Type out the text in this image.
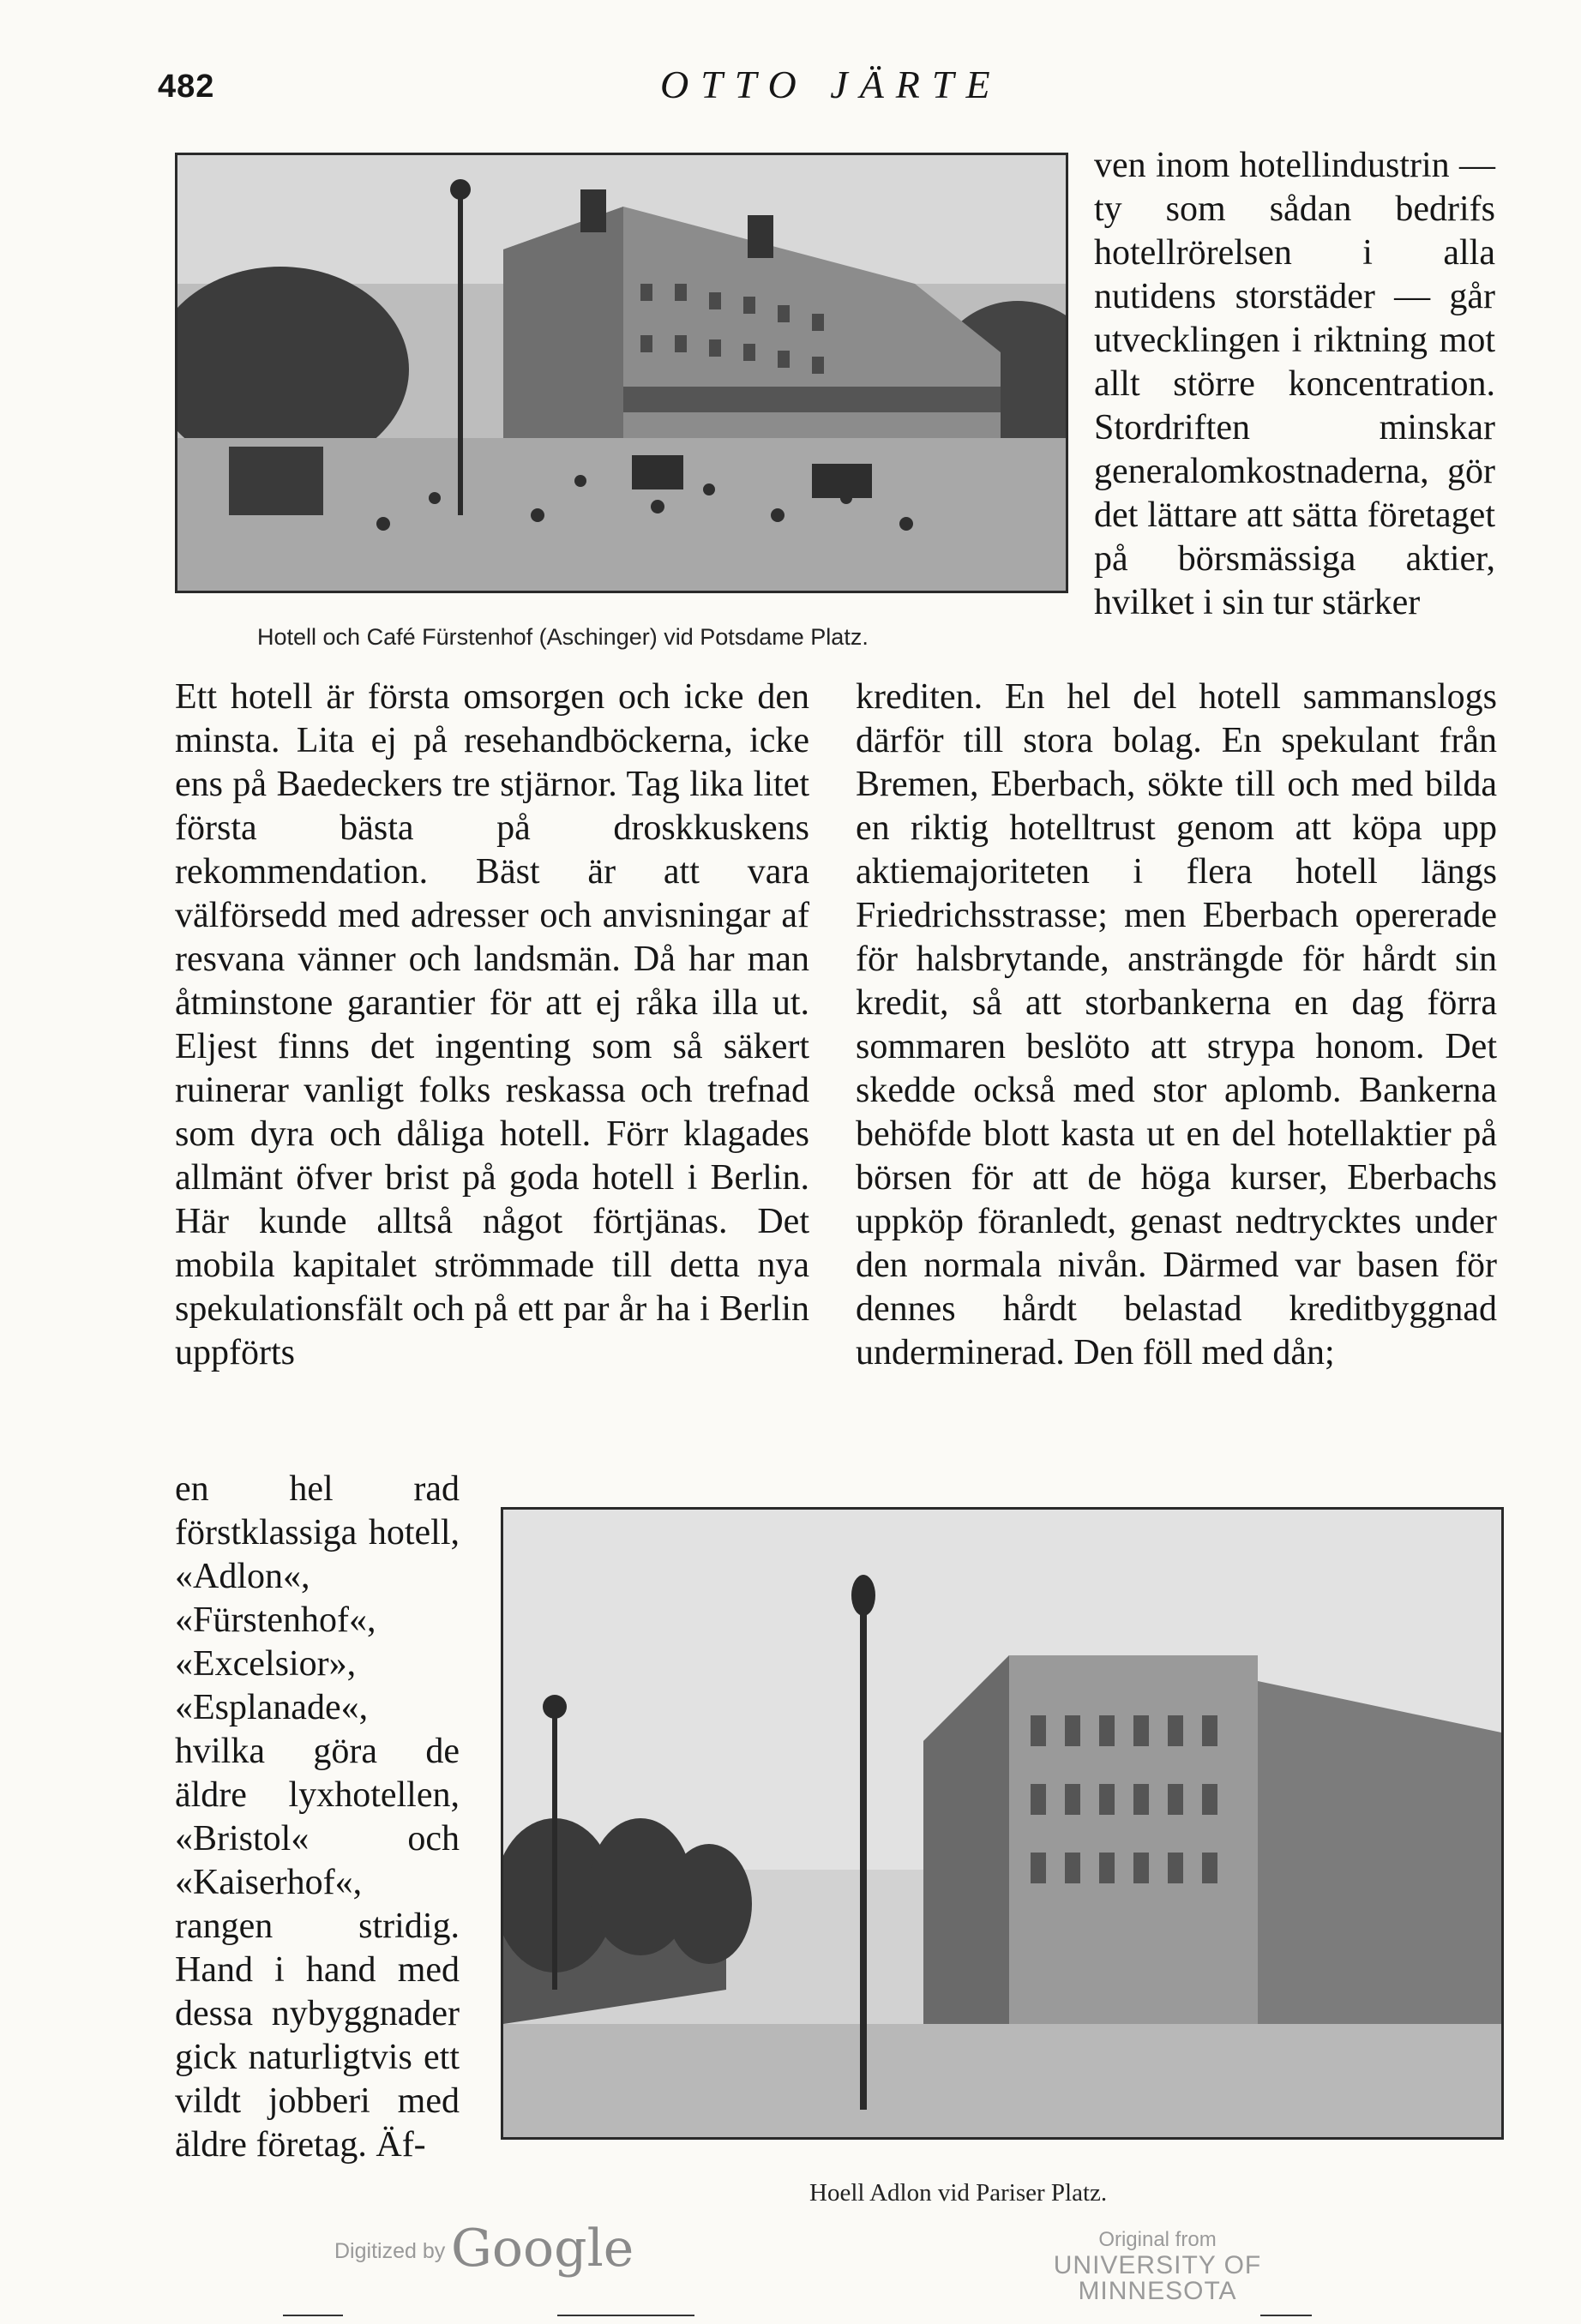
482	OTTO JÄRTE
Hotell och Café Fürstenhof (Aschinger) vid Potsdame Platz.

ven inom hotellindustrin — ty som sådan bedrifs hotellrörelsen i alla nutidens storstäder — går utvecklingen i riktning mot allt större koncentration. Stordriften minskar generalomkostnaderna, gör det lättare att sätta företaget på börsmässiga aktier, hvilket i sin tur stärker

Ett hotell är första omsorgen och icke den minsta. Lita ej på resehandböckerna, icke ens på Baedeckers tre stjärnor. Tag lika litet första bästa på droskkuskens rekommendation. Bäst är att vara välförsedd med adresser och anvisningar af resvana vänner och landsmän. Då har man åtminstone garantier för att ej råka illa ut. Eljest finns det ingenting som så säkert ruinerar vanligt folks reskassa och trefnad som dyra och dåliga hotell. Förr klagades allmänt öfver brist på goda hotell i Berlin. Här kunde alltså något förtjänas. Det mobila kapitalet strömmade till detta nya spekulationsfält och på ett par år ha i Berlin uppförts

krediten. En hel del hotell sammanslogs därför till stora bolag. En spekulant från Bremen, Eberbach, sökte till och med bilda en riktig hotelltrust genom att köpa upp aktiemajoriteten i flera hotell längs Friedrichsstrasse; men Eberbach opererade för halsbrytande, ansträngde för hårdt sin kredit, så att storbankerna en dag förra sommaren beslöto att strypa honom. Det skedde också med stor aplomb. Bankerna behöfde blott kasta ut en del hotellaktier på börsen för att de höga kurser, Eberbachs uppköp föranledt, genast nedtrycktes under den normala nivån. Därmed var basen för dennes hårdt belastad kreditbyggnad underminerad. Den föll med dån;

en hel rad förstklassiga hotell, «Adlon«, «Fürstenhof«, «Excelsior», «Esplanade«, hvilka göra de äldre lyxhotellen, «Bristol« och «Kaiserhof«, rangen stridig. Hand i hand med dessa nybyggnader gick naturligtvis ett vildt jobberi med äldre företag. Äf-

Hoell Adlon vid Pariser Platz.
Digitized by Google	Original from
UNIVERSITY OF MINNESOTA
